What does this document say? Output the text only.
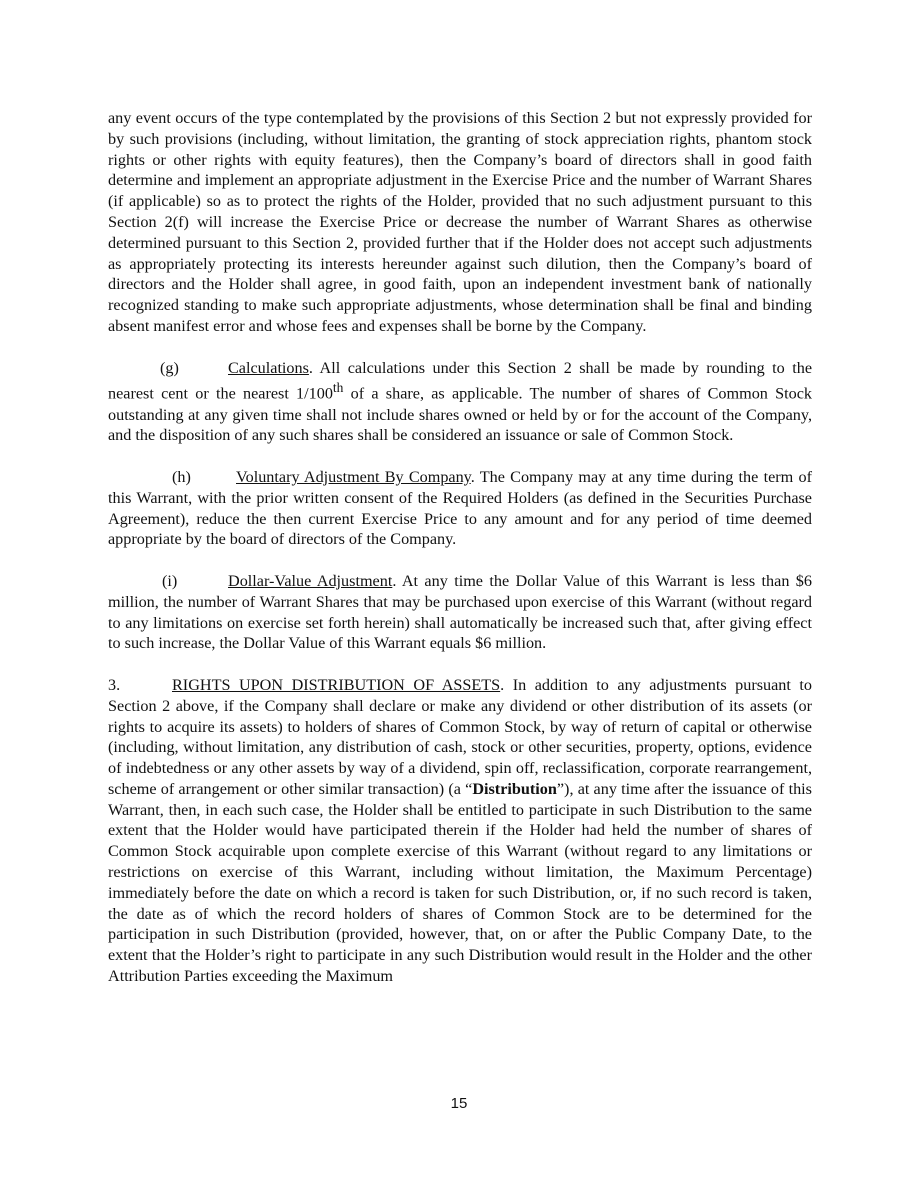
any event occurs of the type contemplated by the provisions of this Section 2 but not expressly provided for by such provisions (including, without limitation, the granting of stock appreciation rights, phantom stock rights or other rights with equity features), then the Company’s board of directors shall in good faith determine and implement an appropriate adjustment in the Exercise Price and the number of Warrant Shares (if applicable) so as to protect the rights of the Holder, provided that no such adjustment pursuant to this Section 2(f) will increase the Exercise Price or decrease the number of Warrant Shares as otherwise determined pursuant to this Section 2, provided further that if the Holder does not accept such adjustments as appropriately protecting its interests hereunder against such dilution, then the Company’s board of directors and the Holder shall agree, in good faith, upon an independent investment bank of nationally recognized standing to make such appropriate adjustments, whose determination shall be final and binding absent manifest error and whose fees and expenses shall be borne by the Company.

(g)	Calculations. All calculations under this Section 2 shall be made by rounding to the nearest cent or the nearest 1/100th of a share, as applicable. The number of shares of Common Stock outstanding at any given time shall not include shares owned or held by or for the account of the Company, and the disposition of any such shares shall be considered an issuance or sale of Common Stock.

(h)	Voluntary Adjustment By Company. The Company may at any time during the term of this Warrant, with the prior written consent of the Required Holders (as defined in the Securities Purchase Agreement), reduce the then current Exercise Price to any amount and for any period of time deemed appropriate by the board of directors of the Company.

(i)	Dollar-Value Adjustment. At any time the Dollar Value of this Warrant is less than $6 million, the number of Warrant Shares that may be purchased upon exercise of this Warrant (without regard to any limitations on exercise set forth herein) shall automatically be increased such that, after giving effect to such increase, the Dollar Value of this Warrant equals $6 million.

3.	RIGHTS UPON DISTRIBUTION OF ASSETS. In addition to any adjustments pursuant to Section 2 above, if the Company shall declare or make any dividend or other distribution of its assets (or rights to acquire its assets) to holders of shares of Common Stock, by way of return of capital or otherwise (including, without limitation, any distribution of cash, stock or other securities, property, options, evidence of indebtedness or any other assets by way of a dividend, spin off, reclassification, corporate rearrangement, scheme of arrangement or other similar transaction) (a “Distribution”), at any time after the issuance of this Warrant, then, in each such case, the Holder shall be entitled to participate in such Distribution to the same extent that the Holder would have participated therein if the Holder had held the number of shares of Common Stock acquirable upon complete exercise of this Warrant (without regard to any limitations or restrictions on exercise of this Warrant, including without limitation, the Maximum Percentage) immediately before the date on which a record is taken for such Distribution, or, if no such record is taken, the date as of which the record holders of shares of Common Stock are to be determined for the participation in such Distribution (provided, however, that, on or after the Public Company Date, to the extent that the Holder’s right to participate in any such Distribution would result in the Holder and the other Attribution Parties exceeding the Maximum

15
